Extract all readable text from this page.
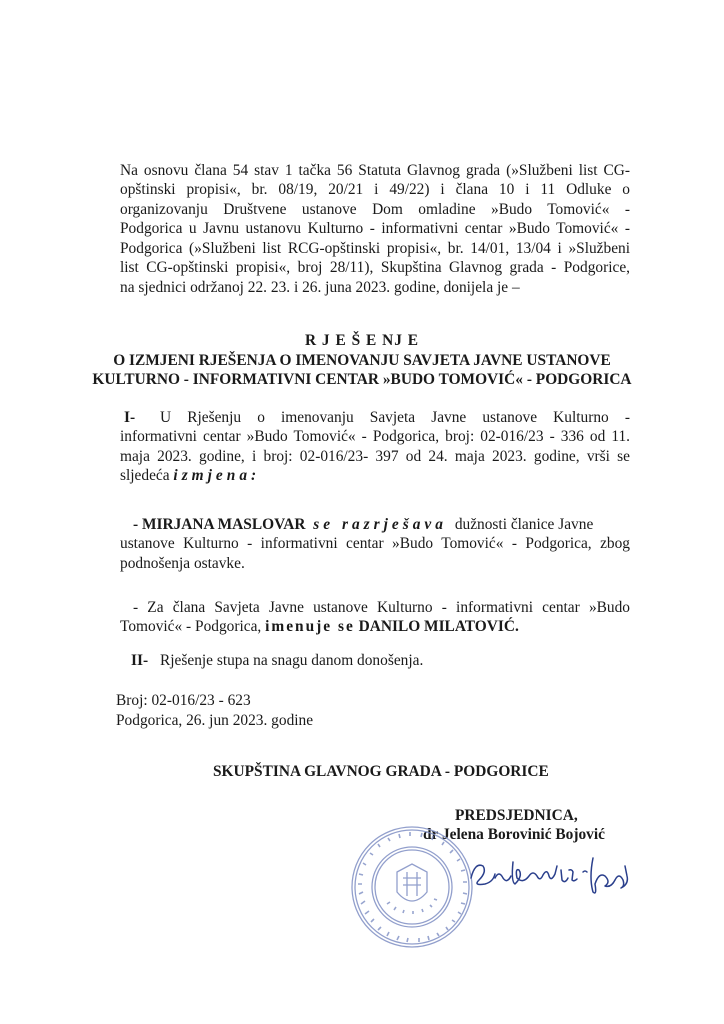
Na osnovu člana 54 stav 1 tačka 56 Statuta Glavnog grada (»Službeni list CG-
opštinski propisi«, br. 08/19, 20/21 i 49/22) i člana 10 i 11 Odluke o
organizovanju Društvene ustanove Dom omladine »Budo Tomović« -
Podgorica u Javnu ustanovu Kulturno - informativni centar »Budo Tomović« -
Podgorica (»Službeni list RCG-opštinski propisi«, br. 14/01, 13/04 i »Službeni
list CG-opštinski propisi«, broj 28/11), Skupština Glavnog grada - Podgorice,
na sjednici održanoj 22. 23. i 26. juna 2023. godine, donijela je –
R J E Š E NJ E
O IZMJENI RJEŠENJA O IMENOVANJU SAVJETA JAVNE USTANOVE
KULTURNO - INFORMATIVNI CENTAR »BUDO TOMOVIĆ« - PODGORICA
I- U Rješenju o imenovanju Savjeta Javne ustanove Kulturno -
informativni centar »Budo Tomović« - Podgorica, broj: 02-016/23 - 336 od 11.
maja 2023. godine, i broj: 02-016/23- 397 od 24. maja 2023. godine, vrši se
sljedeća izmjena:
- MIRJANA MASLOVAR se razrješava dužnosti članice Javne
ustanove Kulturno - informativni centar »Budo Tomović« - Podgorica, zbog
podnošenja ostavke.
- Za člana Savjeta Javne ustanove Kulturno - informativni centar »Budo
Tomović« - Podgorica, imenuje se DANILO MILATOVIĆ.
II- Rješenje stupa na snagu danom donošenja.
Broj: 02-016/23 - 623
Podgorica, 26. jun 2023. godine
SKUPŠTINA GLAVNOG GRADA - PODGORICE
PREDSJEDNICA,
dr Jelena Borovinić Bojović
